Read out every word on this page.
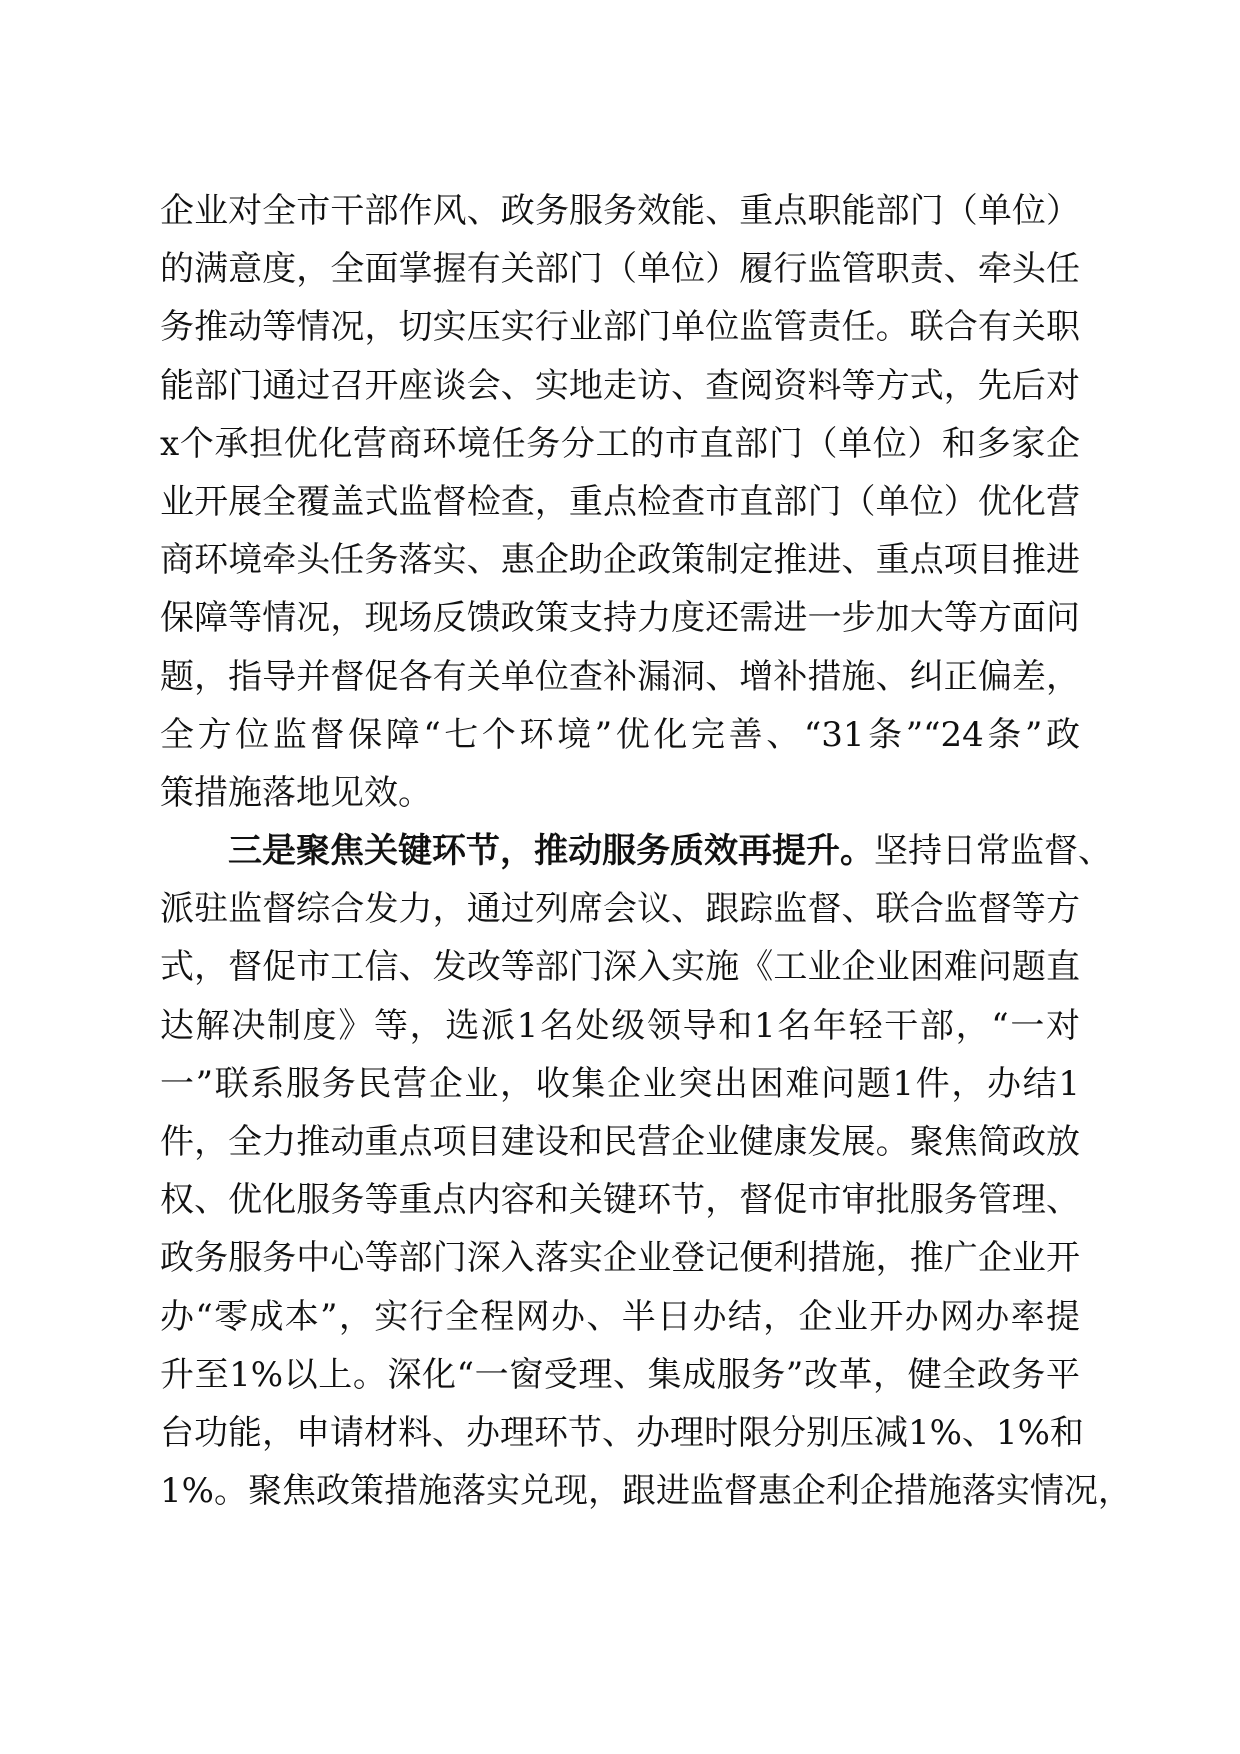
企业对全市干部作风、政务服务效能、重点职能部门（单位）
的满意度，全面掌握有关部门（单位）履行监管职责、牵头任
务推动等情况，切实压实行业部门单位监管责任。联合有关职
能部门通过召开座谈会、实地走访、查阅资料等方式，先后对
x个承担优化营商环境任务分工的市直部门（单位）和多家企
业开展全覆盖式监督检查，重点检查市直部门（单位）优化营
商环境牵头任务落实、惠企助企政策制定推进、重点项目推进
保障等情况，现场反馈政策支持力度还需进一步加大等方面问
题，指导并督促各有关单位查补漏洞、增补措施、纠正偏差，
全方位监督保障“七个环境”优化完善、“31条”“24条”政
策措施落地见效。
三是聚焦关键环节，推动服务质效再提升。坚持日常监督、
派驻监督综合发力，通过列席会议、跟踪监督、联合监督等方
式，督促市工信、发改等部门深入实施《工业企业困难问题直
达解决制度》等，选派1名处级领导和1名年轻干部，“一对
一”联系服务民营企业，收集企业突出困难问题1件，办结1
件，全力推动重点项目建设和民营企业健康发展。聚焦简政放
权、优化服务等重点内容和关键环节，督促市审批服务管理、
政务服务中心等部门深入落实企业登记便利措施，推广企业开
办“零成本”，实行全程网办、半日办结，企业开办网办率提
升至1%以上。深化“一窗受理、集成服务”改革，健全政务平
台功能，申请材料、办理环节、办理时限分别压减1%、1%和
1%。聚焦政策措施落实兑现，跟进监督惠企利企措施落实情况，
